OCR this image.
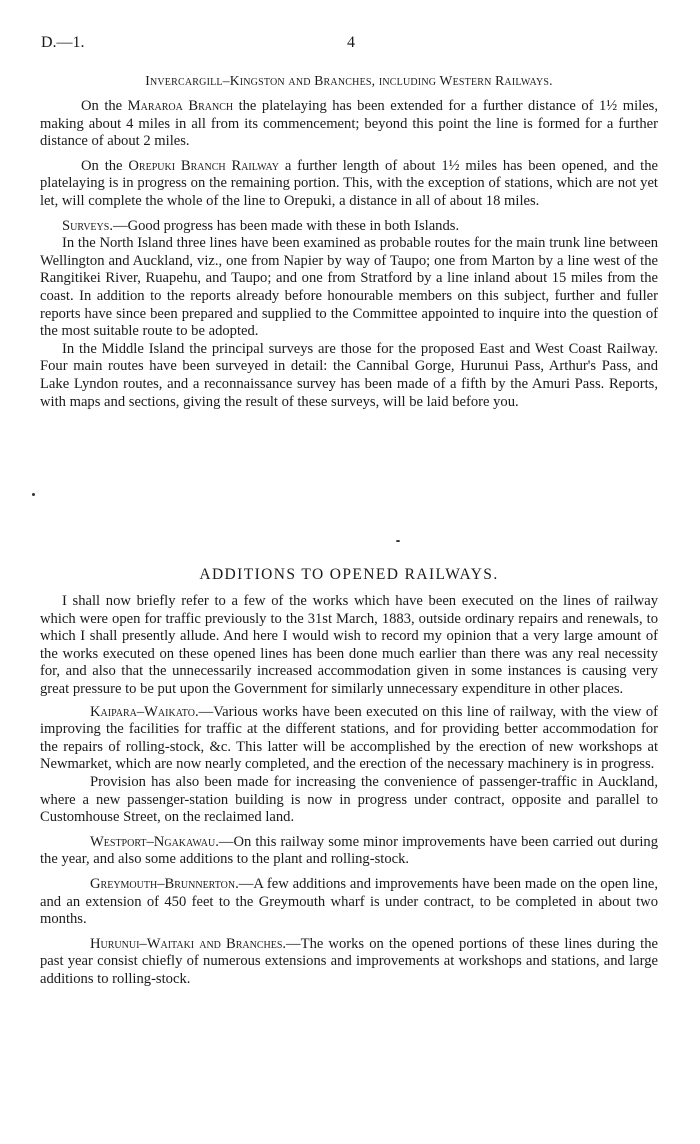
D.—1.	4
Invercargill–Kingston and Branches, including Western Railways.

On the Mararoa Branch the platelaying has been extended for a further distance of 1½ miles, making about 4 miles in all from its commencement; beyond this point the line is formed for a further distance of about 2 miles.

On the Orepuki Branch Railway a further length of about 1½ miles has been opened, and the platelaying is in progress on the remaining portion. This, with the exception of stations, which are not yet let, will complete the whole of the line to Orepuki, a distance in all of about 18 miles.

Surveys.—Good progress has been made with these in both Islands.

In the North Island three lines have been examined as probable routes for the main trunk line between Wellington and Auckland, viz., one from Napier by way of Taupo; one from Marton by a line west of the Rangitikei River, Ruapehu, and Taupo; and one from Stratford by a line inland about 15 miles from the coast. In addition to the reports already before honourable members on this subject, further and fuller reports have since been prepared and supplied to the Committee appointed to inquire into the question of the most suitable route to be adopted.

In the Middle Island the principal surveys are those for the proposed East and West Coast Railway. Four main routes have been surveyed in detail: the Cannibal Gorge, Hurunui Pass, Arthur's Pass, and Lake Lyndon routes, and a reconnaissance survey has been made of a fifth by the Amuri Pass. Reports, with maps and sections, giving the result of these surveys, will be laid before you.

ADDITIONS TO OPENED RAILWAYS.

I shall now briefly refer to a few of the works which have been executed on the lines of railway which were open for traffic previously to the 31st March, 1883, outside ordinary repairs and renewals, to which I shall presently allude. And here I would wish to record my opinion that a very large amount of the works executed on these opened lines has been done much earlier than there was any real necessity for, and also that the unnecessarily increased accommodation given in some instances is causing very great pressure to be put upon the Government for similarly unnecessary expenditure in other places.

Kaipara–Waikato.—Various works have been executed on this line of railway, with the view of improving the facilities for traffic at the different stations, and for providing better accommodation for the repairs of rolling-stock, &c. This latter will be accomplished by the erection of new workshops at Newmarket, which are now nearly completed, and the erection of the necessary machinery is in progress.

Provision has also been made for increasing the convenience of passenger-traffic in Auckland, where a new passenger-station building is now in progress under contract, opposite and parallel to Customhouse Street, on the reclaimed land.

Westport–Ngakawau.—On this railway some minor improvements have been carried out during the year, and also some additions to the plant and rolling-stock.

Greymouth–Brunnerton.—A few additions and improvements have been made on the open line, and an extension of 450 feet to the Greymouth wharf is under contract, to be completed in about two months.

Hurunui–Waitaki and Branches.—The works on the opened portions of these lines during the past year consist chiefly of numerous extensions and improvements at workshops and stations, and large additions to rolling-stock.
